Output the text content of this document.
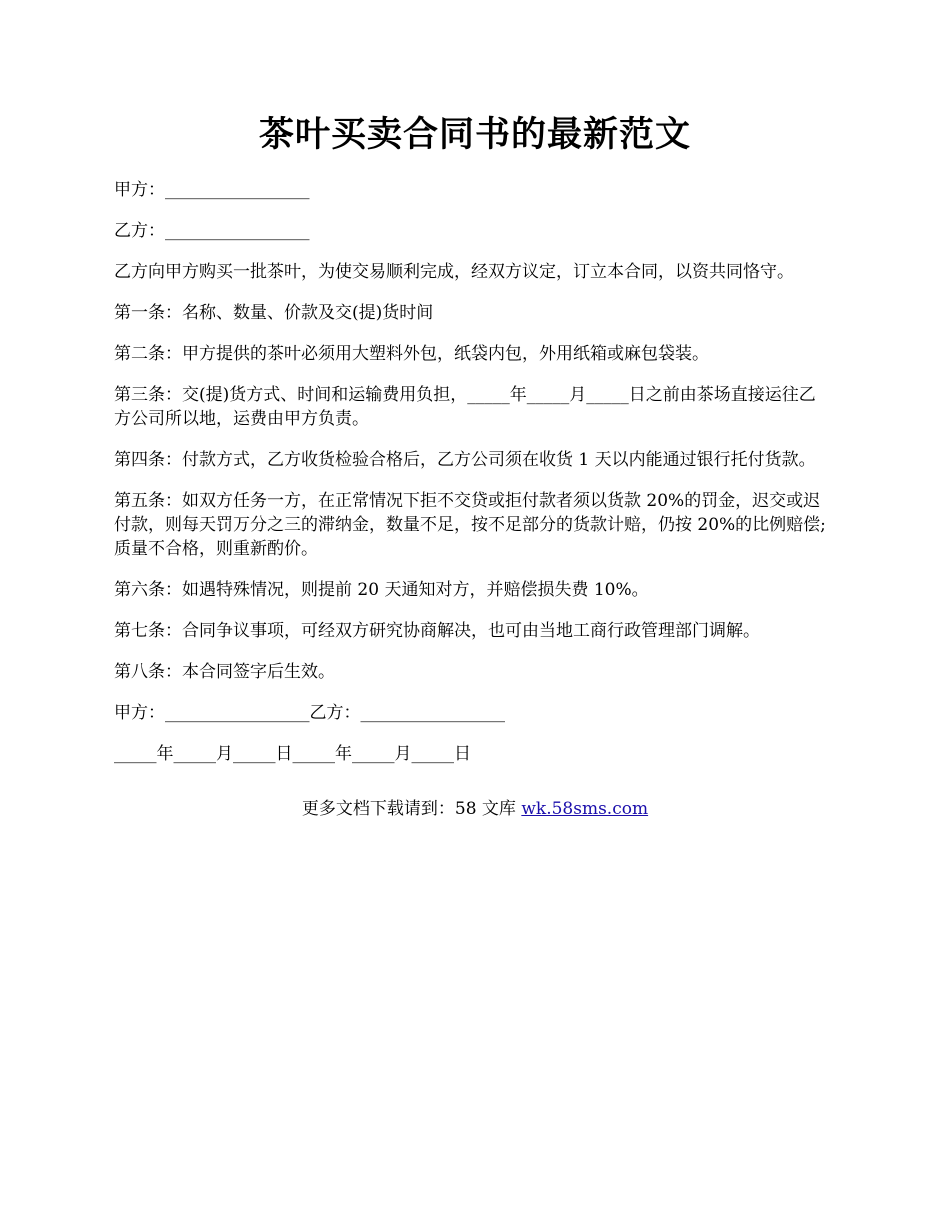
茶叶买卖合同书的最新范文

甲方：_________________

乙方：_________________

乙方向甲方购买一批茶叶，为使交易顺利完成，经双方议定，订立本合同，以资共同恪守。

第一条：名称、数量、价款及交(提)货时间

第二条：甲方提供的茶叶必须用大塑料外包，纸袋内包，外用纸箱或麻包袋装。

第三条：交(提)货方式、时间和运输费用负担，_____年_____月_____日之前由茶场直接运往乙方公司所以地，运费由甲方负责。

第四条：付款方式，乙方收货检验合格后，乙方公司须在收货 1 天以内能通过银行托付货款。

第五条：如双方任务一方，在正常情况下拒不交贷或拒付款者须以货款 20%的罚金，迟交或迟付款，则每天罚万分之三的滞纳金，数量不足，按不足部分的货款计赔，仍按 20%的比例赔偿;质量不合格，则重新酌价。

第六条：如遇特殊情况，则提前 20 天通知对方，并赔偿损失费 10%。

第七条：合同争议事项，可经双方研究协商解决，也可由当地工商行政管理部门调解。

第八条：本合同签字后生效。

甲方：_________________乙方：_________________

_____年_____月_____日_____年_____月_____日

更多文档下载请到：58 文库 wk.58sms.com
